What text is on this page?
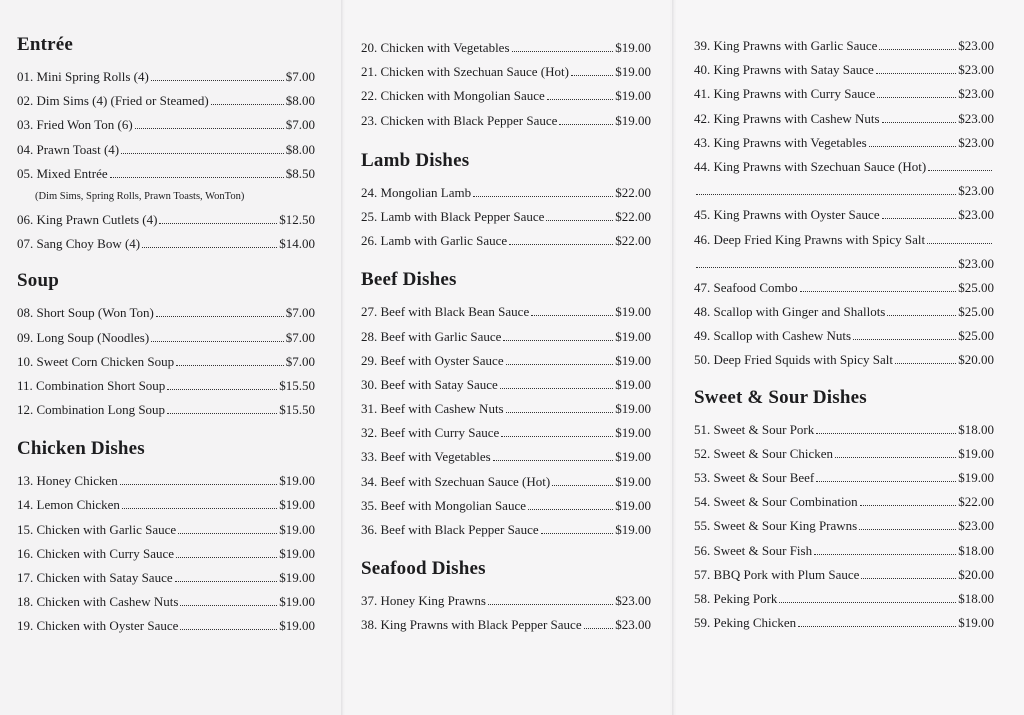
Entrée
01. Mini Spring Rolls (4)	$7.00
02. Dim Sims (4) (Fried or Steamed)	$8.00
03. Fried Won Ton (6)	$7.00
04. Prawn Toast (4)	$8.00
05. Mixed Entrée	$8.50
(Dim Sims, Spring Rolls, Prawn Toasts, WonTon)
06. King Prawn Cutlets (4)	$12.50
07. Sang Choy Bow (4)	$14.00
Soup
08. Short Soup (Won Ton)	$7.00
09. Long Soup (Noodles)	$7.00
10. Sweet Corn Chicken Soup	$7.00
11. Combination Short Soup	$15.50
12. Combination Long Soup	$15.50
Chicken Dishes
13. Honey Chicken	$19.00
14. Lemon Chicken	$19.00
15. Chicken with Garlic Sauce	$19.00
16. Chicken with Curry Sauce	$19.00
17. Chicken with Satay Sauce	$19.00
18. Chicken with Cashew Nuts	$19.00
19. Chicken with Oyster Sauce	$19.00
20. Chicken with Vegetables	$19.00
21. Chicken with Szechuan Sauce (Hot)	$19.00
22. Chicken with Mongolian Sauce	$19.00
23. Chicken with Black Pepper Sauce	$19.00
Lamb Dishes
24. Mongolian Lamb	$22.00
25. Lamb with Black Pepper Sauce	$22.00
26. Lamb with Garlic Sauce	$22.00
Beef Dishes
27. Beef with Black Bean Sauce	$19.00
28. Beef with Garlic Sauce	$19.00
29. Beef with Oyster Sauce	$19.00
30. Beef with Satay Sauce	$19.00
31. Beef with Cashew Nuts	$19.00
32. Beef with Curry Sauce	$19.00
33. Beef with Vegetables	$19.00
34. Beef with Szechuan Sauce (Hot)	$19.00
35. Beef with Mongolian Sauce	$19.00
36. Beef with Black Pepper Sauce	$19.00
Seafood Dishes
37. Honey King Prawns	$23.00
38. King Prawns with Black Pepper Sauce	$23.00
39. King Prawns with Garlic Sauce	$23.00
40. King Prawns with Satay Sauce	$23.00
41. King Prawns with Curry Sauce	$23.00
42. King Prawns with Cashew Nuts	$23.00
43. King Prawns with Vegetables	$23.00
44. King Prawns with Szechuan Sauce (Hot)
$23.00
45. King Prawns with Oyster Sauce	$23.00
46. Deep Fried King Prawns with Spicy Salt
$23.00
47. Seafood Combo	$25.00
48. Scallop with Ginger and Shallots	$25.00
49. Scallop with Cashew Nuts	$25.00
50. Deep Fried Squids with Spicy Salt	$20.00
Sweet & Sour Dishes
51. Sweet & Sour Pork	$18.00
52. Sweet & Sour Chicken	$19.00
53. Sweet & Sour Beef	$19.00
54. Sweet & Sour Combination	$22.00
55. Sweet & Sour King Prawns	$23.00
56. Sweet & Sour Fish	$18.00
57. BBQ Pork with Plum Sauce	$20.00
58. Peking Pork	$18.00
59. Peking Chicken	$19.00
